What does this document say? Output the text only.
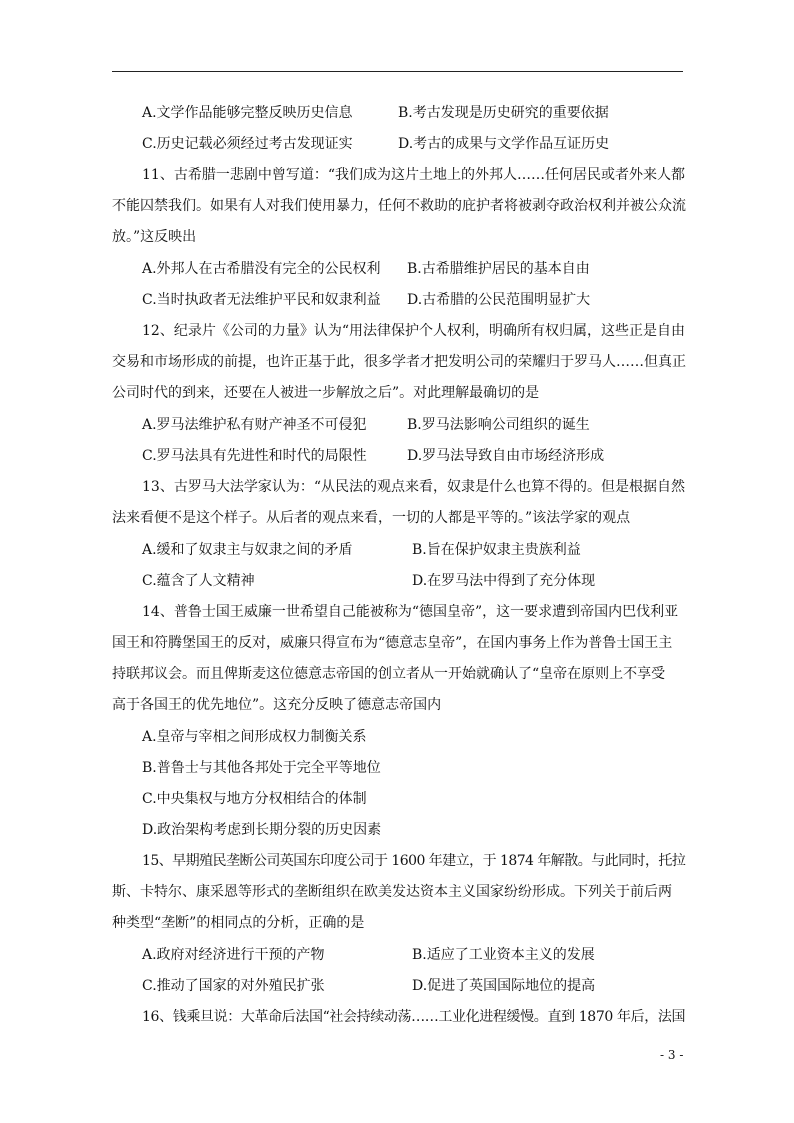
A.文学作品能够完整反映历史信息	B.考古发现是历史研究的重要依据
C.历史记载必须经过考古发现证实	D.考古的成果与文学作品互证历史
11、古希腊一悲剧中曾写道：“我们成为这片土地上的外邦人……任何居民或者外来人都
不能囚禁我们。如果有人对我们使用暴力，任何不救助的庇护者将被剥夺政治权利并被公众流
放。”这反映出
A.外邦人在古希腊没有完全的公民权利 B.古希腊维护居民的基本自由
C.当时执政者无法维护平民和奴隶利益 D.古希腊的公民范围明显扩大
12、纪录片《公司的力量》认为“用法律保护个人权利，明确所有权归属，这些正是自由
交易和市场形成的前提，也许正基于此，很多学者才把发明公司的荣耀归于罗马人……但真正
公司时代的到来，还要在人被进一步解放之后”。对此理解最确切的是
A.罗马法维护私有财产神圣不可侵犯	B.罗马法影响公司组织的诞生
C.罗马法具有先进性和时代的局限性	D.罗马法导致自由市场经济形成
13、古罗马大法学家认为：“从民法的观点来看，奴隶是什么也算不得的。但是根据自然
法来看便不是这个样子。从后者的观点来看，一切的人都是平等的。”该法学家的观点
A.缓和了奴隶主与奴隶之间的矛盾	B.旨在保护奴隶主贵族利益
C.蕴含了人文精神	D.在罗马法中得到了充分体现
14、普鲁士国王威廉一世希望自己能被称为“德国皇帝”，这一要求遭到帝国内巴伐利亚
国王和符腾堡国王的反对，威廉只得宣布为“德意志皇帝”，在国内事务上作为普鲁士国王主
持联邦议会。而且俾斯麦这位德意志帝国的创立者从一开始就确认了“皇帝在原则上不享受
高于各国王的优先地位”。这充分反映了德意志帝国内
A.皇帝与宰相之间形成权力制衡关系
B.普鲁士与其他各邦处于完全平等地位
C.中央集权与地方分权相结合的体制
D.政治架构考虑到长期分裂的历史因素
15、早期殖民垄断公司英国东印度公司于 1600 年建立，于 1874 年解散。与此同时，托拉
斯、卡特尔、康采恩等形式的垄断组织在欧美发达资本主义国家纷纷形成。下列关于前后两
种类型“垄断”的相同点的分析，正确的是
A.政府对经济进行干预的产物	B.适应了工业资本主义的发展
C.推动了国家的对外殖民扩张	D.促进了英国国际地位的提高
16、钱乘旦说：大革命后法国“社会持续动荡……工业化进程缓慢。直到 1870 年后，法国
- 3 -
